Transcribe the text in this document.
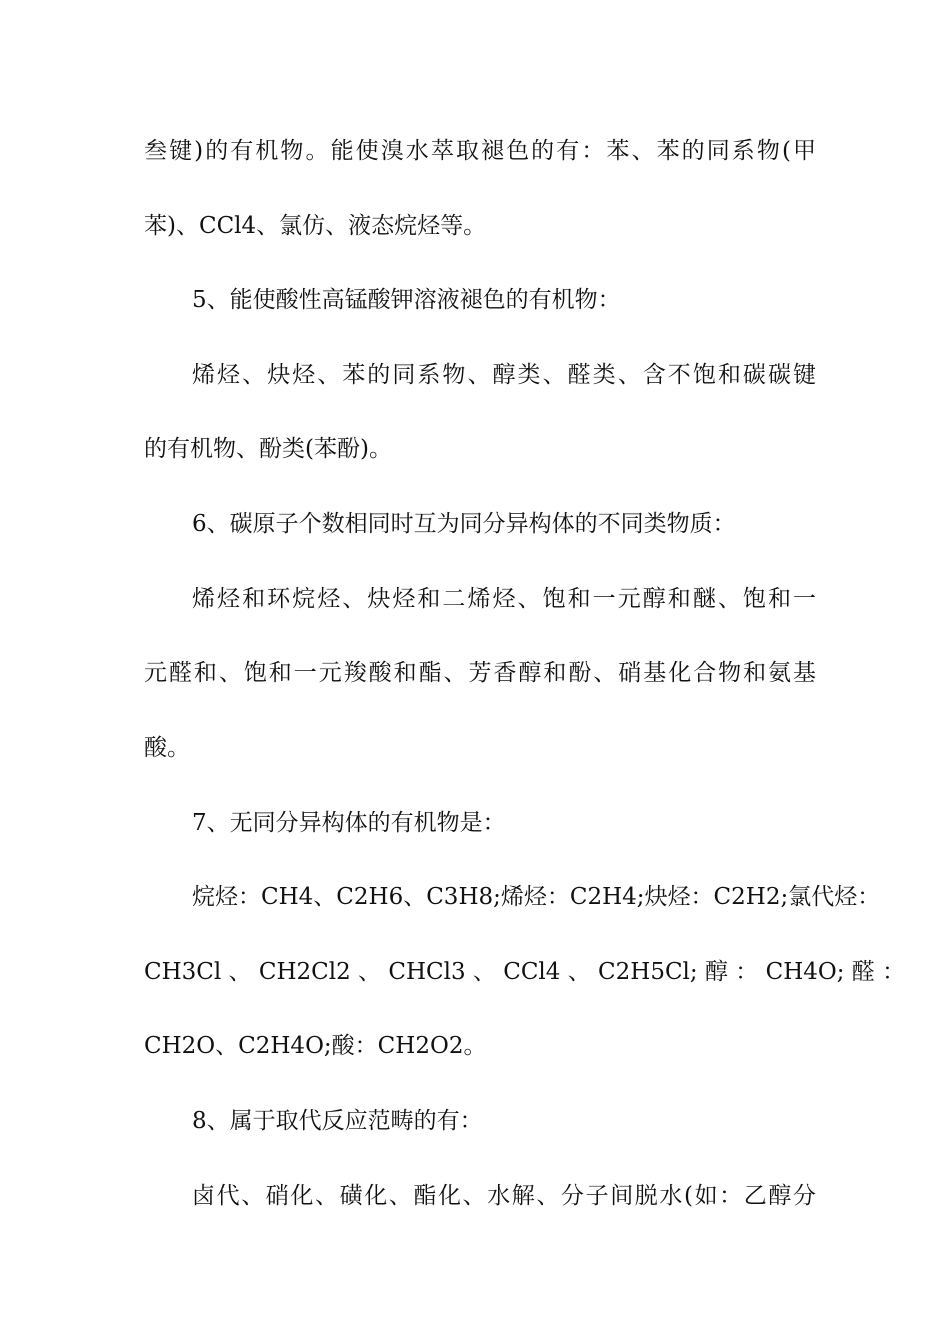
叁键)的有机物。能使溴水萃取褪色的有：苯、苯的同系物(甲
苯)、CCl4、氯仿、液态烷烃等。
5、能使酸性高锰酸钾溶液褪色的有机物：
烯烃、炔烃、苯的同系物、醇类、醛类、含不饱和碳碳键
的有机物、酚类(苯酚)。
6、碳原子个数相同时互为同分异构体的不同类物质：
烯烃和环烷烃、炔烃和二烯烃、饱和一元醇和醚、饱和一
元醛和、饱和一元羧酸和酯、芳香醇和酚、硝基化合物和氨基
酸。
7、无同分异构体的有机物是：
烷烃：CH4、C2H6、C3H8;烯烃：C2H4;炔烃：C2H2;氯代烃：
CH3Cl 、 CH2Cl2 、 CHCl3 、 CCl4 、 C2H5Cl; 醇 ： CH4O; 醛 ：
CH2O、C2H4O;酸：CH2O2。
8、属于取代反应范畴的有：
卤代、硝化、磺化、酯化、水解、分子间脱水(如：乙醇分
